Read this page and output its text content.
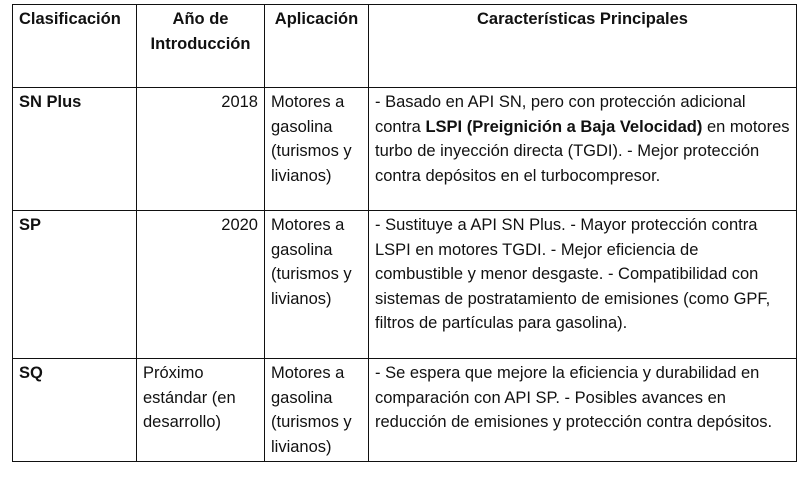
Clasificación	Año de Introducción	Aplicación	Características Principales
SN Plus	2018	Motores a gasolina (turismos y livianos)	- Basado en API SN, pero con protección adicional contra LSPI (Preignición a Baja Velocidad) en motores turbo de inyección directa (TGDI). - Mejor protección contra depósitos en el turbocompresor.
SP	2020	Motores a gasolina (turismos y livianos)	- Sustituye a API SN Plus. - Mayor protección contra LSPI en motores TGDI. - Mejor eficiencia de combustible y menor desgaste. - Compatibilidad con sistemas de postratamiento de emisiones (como GPF, filtros de partículas para gasolina).
SQ	Próximo estándar (en desarrollo)	Motores a gasolina (turismos y livianos)	- Se espera que mejore la eficiencia y durabilidad en comparación con API SP. - Posibles avances en reducción de emisiones y protección contra depósitos.
